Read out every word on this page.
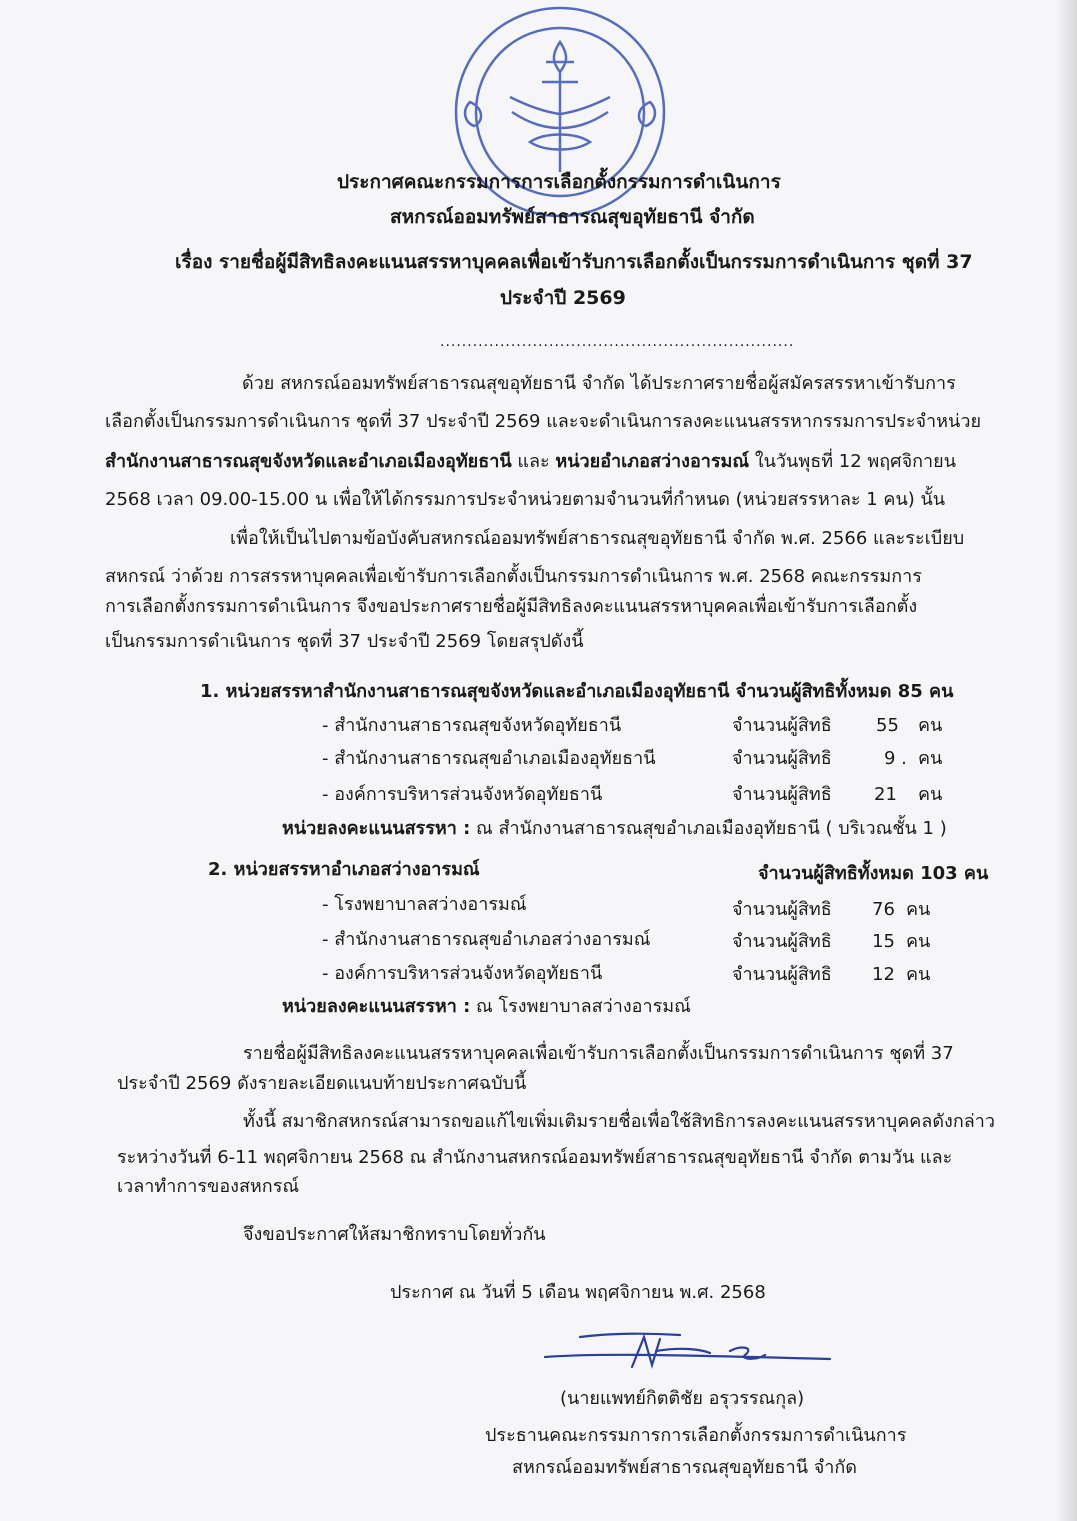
ประกาศคณะกรรมการการเลือกตั้งกรรมการดำเนินการ
สหกรณ์ออมทรัพย์สาธารณสุขอุทัยธานี จำกัด
เรื่อง รายชื่อผู้มีสิทธิลงคะแนนสรรหาบุคคลเพื่อเข้ารับการเลือกตั้งเป็นกรรมการดำเนินการ ชุดที่ 37
ประจำปี 2569
.................................................................
ด้วย สหกรณ์ออมทรัพย์สาธารณสุขอุทัยธานี จำกัด ได้ประกาศรายชื่อผู้สมัครสรรหาเข้ารับการ
เลือกตั้งเป็นกรรมการดำเนินการ ชุดที่ 37 ประจำปี 2569 และจะดำเนินการลงคะแนนสรรหากรรมการประจำหน่วย
สำนักงานสาธารณสุขจังหวัดและอำเภอเมืองอุทัยธานี และ หน่วยอำเภอสว่างอารมณ์ ในวันพุธที่ 12 พฤศจิกายน
2568 เวลา 09.00-15.00 น เพื่อให้ได้กรรมการประจำหน่วยตามจำนวนที่กำหนด (หน่วยสรรหาละ 1 คน) นั้น
เพื่อให้เป็นไปตามข้อบังคับสหกรณ์ออมทรัพย์สาธารณสุขอุทัยธานี จำกัด พ.ศ. 2566 และระเบียบ
สหกรณ์ ว่าด้วย การสรรหาบุคคลเพื่อเข้ารับการเลือกตั้งเป็นกรรมการดำเนินการ พ.ศ. 2568 คณะกรรมการ
การเลือกตั้งกรรมการดำเนินการ จึงขอประกาศรายชื่อผู้มีสิทธิลงคะแนนสรรหาบุคคลเพื่อเข้ารับการเลือกตั้ง
เป็นกรรมการดำเนินการ ชุดที่ 37 ประจำปี 2569 โดยสรุปดังนี้
1. หน่วยสรรหาสำนักงานสาธารณสุขจังหวัดและอำเภอเมืองอุทัยธานี จำนวนผู้สิทธิทั้งหมด 85 คน
- สำนักงานสาธารณสุขจังหวัดอุทัยธานี	จำนวนผู้สิทธิ 55 คน
- สำนักงานสาธารณสุขอำเภอเมืองอุทัยธานี	จำนวนผู้สิทธิ	9 . คน
- องค์การบริหารส่วนจังหวัดอุทัยธานี	จำนวนผู้สิทธิ 21 คน
หน่วยลงคะแนนสรรหา : ณ สำนักงานสาธารณสุขอำเภอเมืองอุทัยธานี ( บริเวณชั้น 1 )
2. หน่วยสรรหาอำเภอสว่างอารมณ์	จำนวนผู้สิทธิทั้งหมด 103 คน
- โรงพยาบาลสว่างอารมณ์	จำนวนผู้สิทธิ 76 คน
- สำนักงานสาธารณสุขอำเภอสว่างอารมณ์	จำนวนผู้สิทธิ 15 คน
- องค์การบริหารส่วนจังหวัดอุทัยธานี	จำนวนผู้สิทธิ 12 คน
หน่วยลงคะแนนสรรหา : ณ โรงพยาบาลสว่างอารมณ์
รายชื่อผู้มีสิทธิลงคะแนนสรรหาบุคคลเพื่อเข้ารับการเลือกตั้งเป็นกรรมการดำเนินการ ชุดที่ 37
ประจำปี 2569 ดังรายละเอียดแนบท้ายประกาศฉบับนี้
ทั้งนี้ สมาชิกสหกรณ์สามารถขอแก้ไขเพิ่มเติมรายชื่อเพื่อใช้สิทธิการลงคะแนนสรรหาบุคคลดังกล่าว
ระหว่างวันที่ 6-11 พฤศจิกายน 2568 ณ สำนักงานสหกรณ์ออมทรัพย์สาธารณสุขอุทัยธานี จำกัด ตามวัน และ
เวลาทำการของสหกรณ์
จึงขอประกาศให้สมาชิกทราบโดยทั่วกัน
ประกาศ ณ วันที่ 5 เดือน พฤศจิกายน พ.ศ. 2568
(นายแพทย์กิตติชัย อรุวรรณกุล)
ประธานคณะกรรมการการเลือกตั้งกรรมการดำเนินการ
สหกรณ์ออมทรัพย์สาธารณสุขอุทัยธานี จำกัด
